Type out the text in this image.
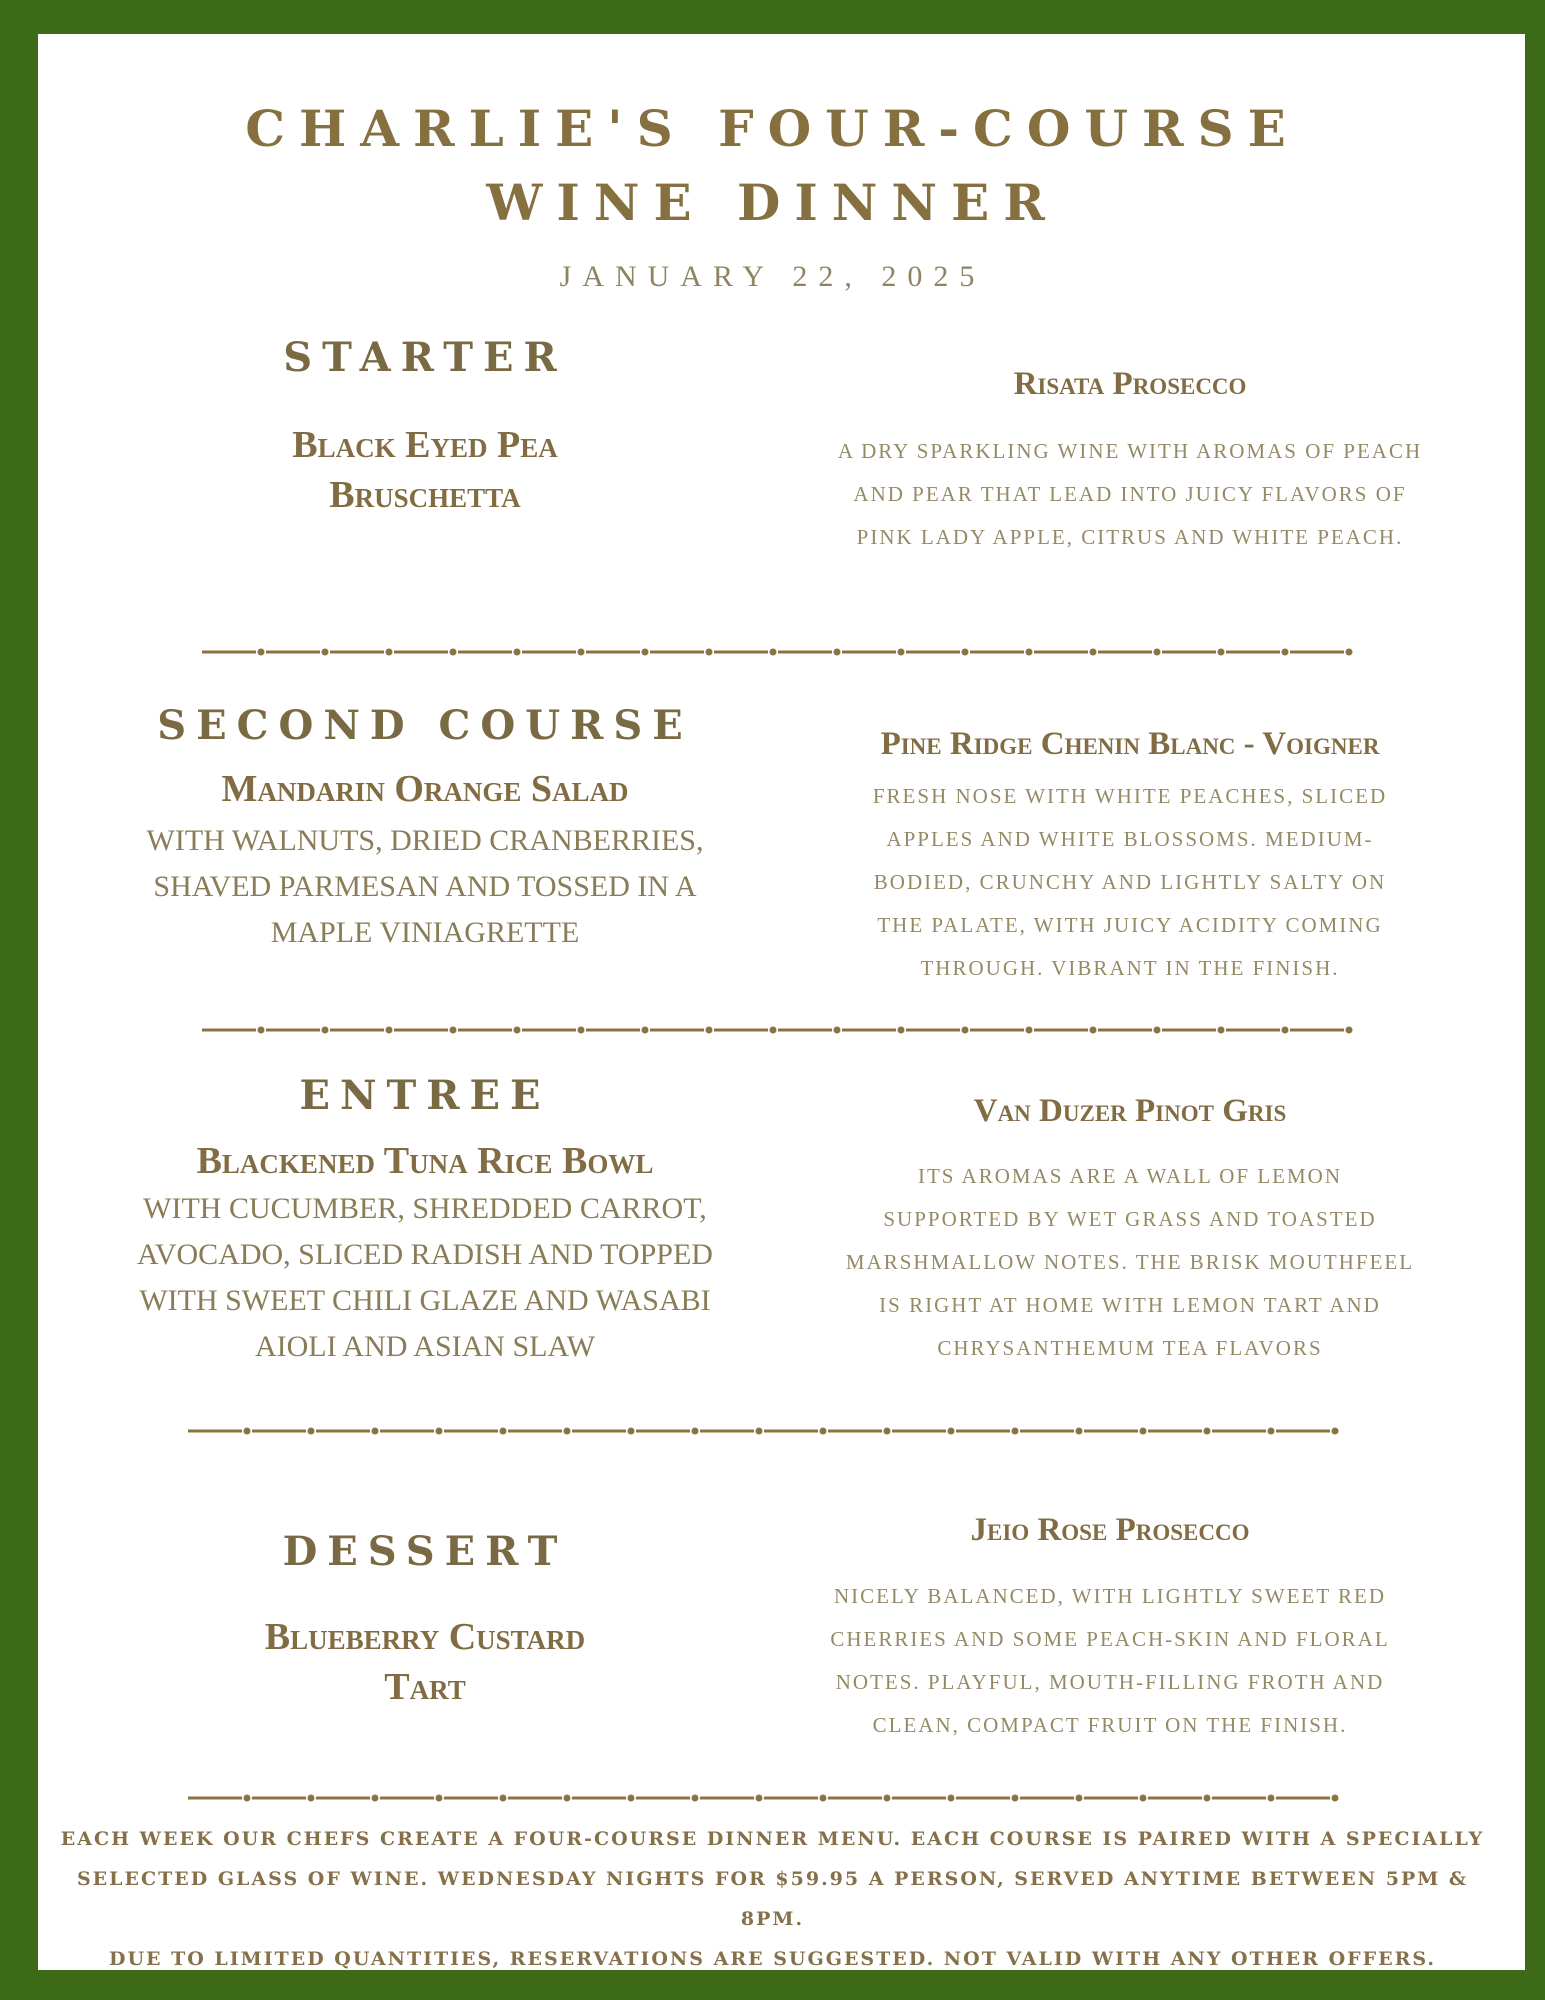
CHARLIE'S FOUR-COURSE
WINE DINNER
JANUARY 22, 2025
STARTER
Black Eyed Pea
Bruschetta
Risata Prosecco
A DRY SPARKLING WINE WITH AROMAS OF PEACH
AND PEAR THAT LEAD INTO JUICY FLAVORS OF
PINK LADY APPLE, CITRUS AND WHITE PEACH.
SECOND COURSE
Mandarin Orange Salad
WITH WALNUTS, DRIED CRANBERRIES,
SHAVED PARMESAN AND TOSSED IN A
MAPLE VINIAGRETTE
Pine Ridge Chenin Blanc - Voigner
FRESH NOSE WITH WHITE PEACHES, SLICED
APPLES AND WHITE BLOSSOMS. MEDIUM-
BODIED, CRUNCHY AND LIGHTLY SALTY ON
THE PALATE, WITH JUICY ACIDITY COMING
THROUGH. VIBRANT IN THE FINISH.
ENTREE
Blackened Tuna Rice Bowl
WITH CUCUMBER, SHREDDED CARROT,
AVOCADO, SLICED RADISH AND TOPPED
WITH SWEET CHILI GLAZE AND WASABI
AIOLI AND ASIAN SLAW
Van Duzer Pinot Gris
ITS AROMAS ARE A WALL OF LEMON
SUPPORTED BY WET GRASS AND TOASTED
MARSHMALLOW NOTES. THE BRISK MOUTHFEEL
IS RIGHT AT HOME WITH LEMON TART AND
CHRYSANTHEMUM TEA FLAVORS
DESSERT
Blueberry Custard
Tart
Jeio Rose Prosecco
NICELY BALANCED, WITH LIGHTLY SWEET RED
CHERRIES AND SOME PEACH-SKIN AND FLORAL
NOTES. PLAYFUL, MOUTH-FILLING FROTH AND
CLEAN, COMPACT FRUIT ON THE FINISH.
EACH WEEK OUR CHEFS CREATE A FOUR-COURSE DINNER MENU. EACH COURSE IS PAIRED WITH A SPECIALLY
SELECTED GLASS OF WINE. WEDNESDAY NIGHTS FOR $59.95 A PERSON, SERVED ANYTIME BETWEEN 5PM & 8PM.
DUE TO LIMITED QUANTITIES, RESERVATIONS ARE SUGGESTED. NOT VALID WITH ANY OTHER OFFERS.
